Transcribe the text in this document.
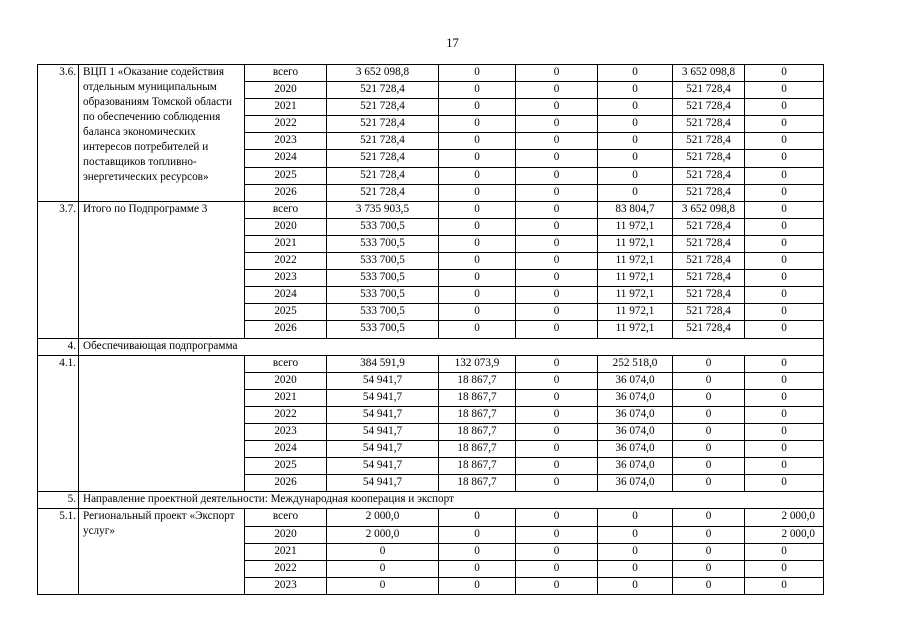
17
3.6.	ВЦП 1 «Оказание содействия отдельным муниципальным образованиям Томской области по обеспечению соблюдения баланса экономических интересов потребителей и поставщиков топливно-энергетических ресурсов»	всего	3 652 098,8	0	0	0	3 652 098,8	0
		2020	521 728,4	0	0	0	521 728,4	0
		2021	521 728,4	0	0	0	521 728,4	0
		2022	521 728,4	0	0	0	521 728,4	0
		2023	521 728,4	0	0	0	521 728,4	0
		2024	521 728,4	0	0	0	521 728,4	0
		2025	521 728,4	0	0	0	521 728,4	0
		2026	521 728,4	0	0	0	521 728,4	0
3.7.	Итого по Подпрограмме 3	всего	3 735 903,5	0	0	83 804,7	3 652 098,8	0
		2020	533 700,5	0	0	11 972,1	521 728,4	0
		2021	533 700,5	0	0	11 972,1	521 728,4	0
		2022	533 700,5	0	0	11 972,1	521 728,4	0
		2023	533 700,5	0	0	11 972,1	521 728,4	0
		2024	533 700,5	0	0	11 972,1	521 728,4	0
		2025	533 700,5	0	0	11 972,1	521 728,4	0
		2026	533 700,5	0	0	11 972,1	521 728,4	0
4.	Обеспечивающая подпрограмма							
4.1.		всего	384 591,9	132 073,9	0	252 518,0	0	0
		2020	54 941,7	18 867,7	0	36 074,0	0	0
		2021	54 941,7	18 867,7	0	36 074,0	0	0
		2022	54 941,7	18 867,7	0	36 074,0	0	0
		2023	54 941,7	18 867,7	0	36 074,0	0	0
		2024	54 941,7	18 867,7	0	36 074,0	0	0
		2025	54 941,7	18 867,7	0	36 074,0	0	0
		2026	54 941,7	18 867,7	0	36 074,0	0	0
5.	Направление проектной деятельности: Международная кооперация и экспорт							
5.1.	Региональный проект «Экспорт услуг»	всего	2 000,0	0	0	0	0	2 000,0
		2020	2 000,0	0	0	0	0	2 000,0
		2021	0	0	0	0	0	0
		2022	0	0	0	0	0	0
		2023	0	0	0	0	0	0
